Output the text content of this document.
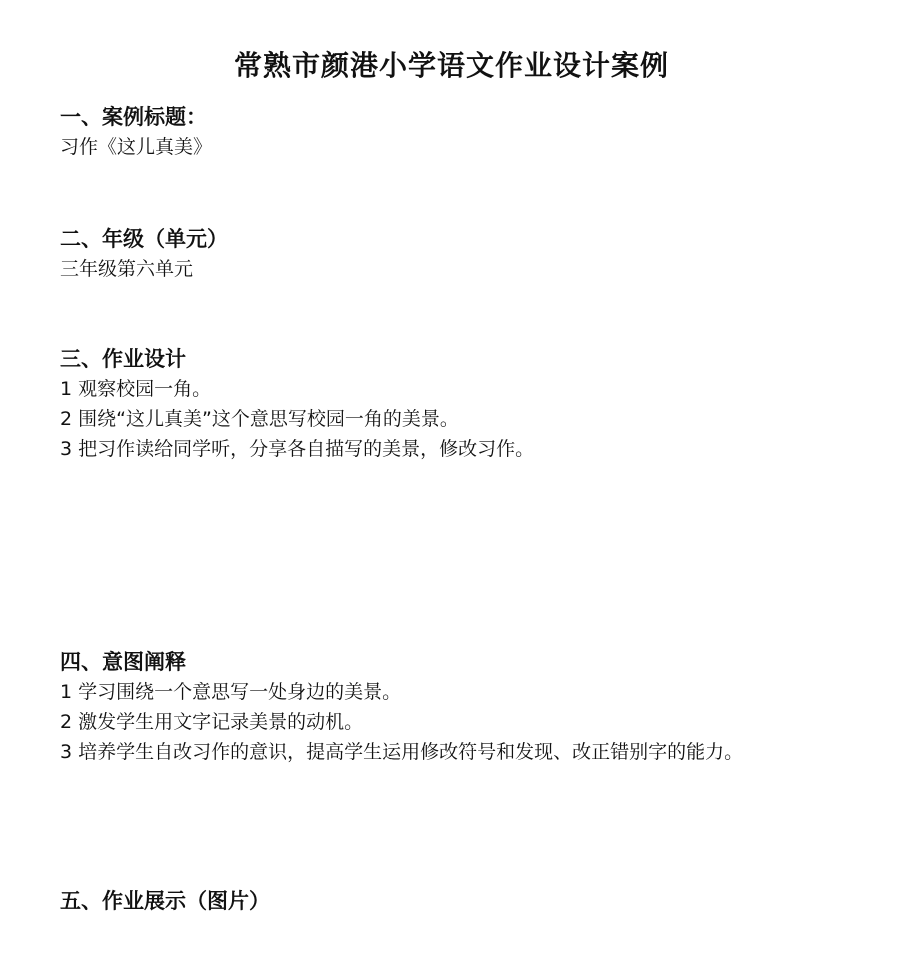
常熟市颜港小学语文作业设计案例
一、案例标题：
习作《这儿真美》
二、年级（单元）
三年级第六单元
三、作业设计
1 观察校园一角。
2 围绕“这儿真美”这个意思写校园一角的美景。
3 把习作读给同学听，分享各自描写的美景，修改习作。
四、意图阐释
1 学习围绕一个意思写一处身边的美景。
2 激发学生用文字记录美景的动机。
3 培养学生自改习作的意识，提高学生运用修改符号和发现、改正错别字的能力。
五、作业展示（图片）
